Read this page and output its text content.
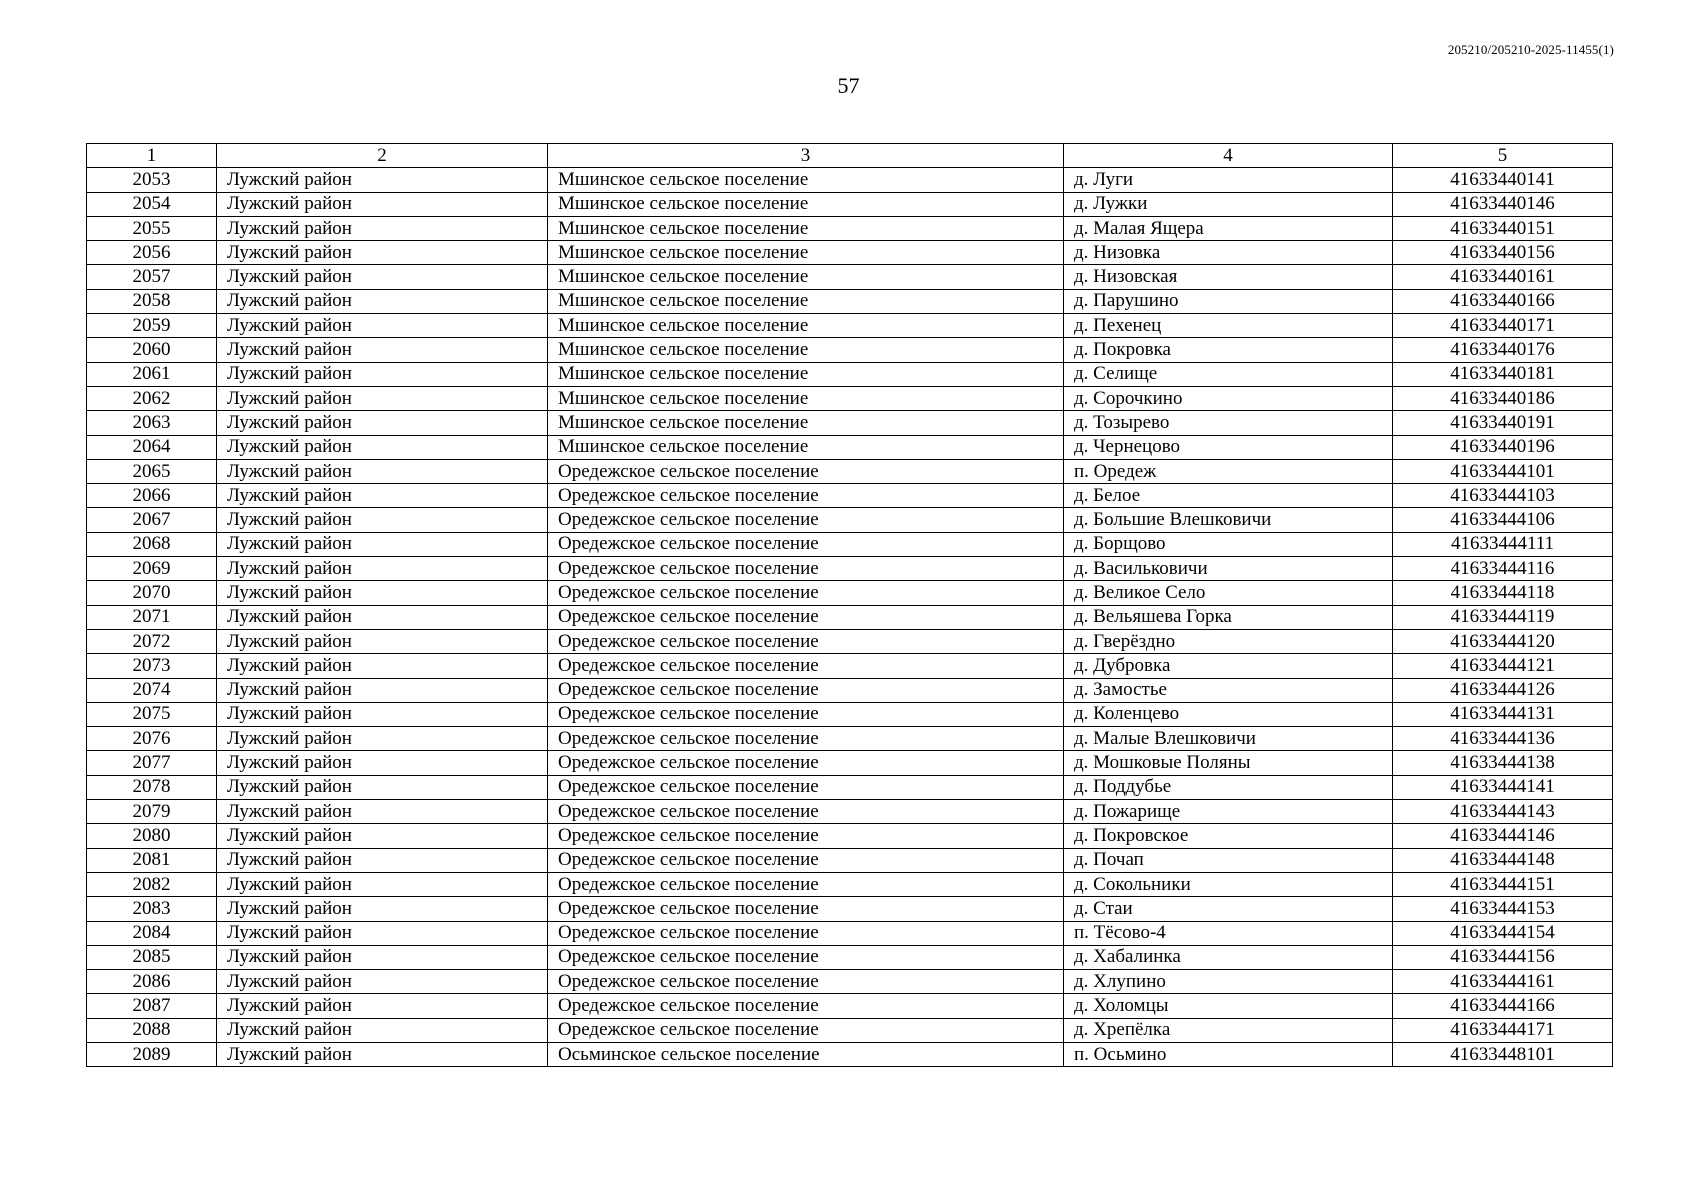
205210/205210-2025-11455(1)
57
1	2	3	4	5
2053	Лужский район	Мшинское сельское поселение	д. Луги	41633440141
2054	Лужский район	Мшинское сельское поселение	д. Лужки	41633440146
2055	Лужский район	Мшинское сельское поселение	д. Малая Ящера	41633440151
2056	Лужский район	Мшинское сельское поселение	д. Низовка	41633440156
2057	Лужский район	Мшинское сельское поселение	д. Низовская	41633440161
2058	Лужский район	Мшинское сельское поселение	д. Парушино	41633440166
2059	Лужский район	Мшинское сельское поселение	д. Пехенец	41633440171
2060	Лужский район	Мшинское сельское поселение	д. Покровка	41633440176
2061	Лужский район	Мшинское сельское поселение	д. Селище	41633440181
2062	Лужский район	Мшинское сельское поселение	д. Сорочкино	41633440186
2063	Лужский район	Мшинское сельское поселение	д. Тозырево	41633440191
2064	Лужский район	Мшинское сельское поселение	д. Чернецово	41633440196
2065	Лужский район	Оредежское сельское поселение	п. Оредеж	41633444101
2066	Лужский район	Оредежское сельское поселение	д. Белое	41633444103
2067	Лужский район	Оредежское сельское поселение	д. Большие Влешковичи	41633444106
2068	Лужский район	Оредежское сельское поселение	д. Борщово	41633444111
2069	Лужский район	Оредежское сельское поселение	д. Васильковичи	41633444116
2070	Лужский район	Оредежское сельское поселение	д. Великое Село	41633444118
2071	Лужский район	Оредежское сельское поселение	д. Вельяшева Горка	41633444119
2072	Лужский район	Оредежское сельское поселение	д. Гверёздно	41633444120
2073	Лужский район	Оредежское сельское поселение	д. Дубровка	41633444121
2074	Лужский район	Оредежское сельское поселение	д. Замостье	41633444126
2075	Лужский район	Оредежское сельское поселение	д. Коленцево	41633444131
2076	Лужский район	Оредежское сельское поселение	д. Малые Влешковичи	41633444136
2077	Лужский район	Оредежское сельское поселение	д. Мошковые Поляны	41633444138
2078	Лужский район	Оредежское сельское поселение	д. Поддубье	41633444141
2079	Лужский район	Оредежское сельское поселение	д. Пожарище	41633444143
2080	Лужский район	Оредежское сельское поселение	д. Покровское	41633444146
2081	Лужский район	Оредежское сельское поселение	д. Почап	41633444148
2082	Лужский район	Оредежское сельское поселение	д. Сокольники	41633444151
2083	Лужский район	Оредежское сельское поселение	д. Стаи	41633444153
2084	Лужский район	Оредежское сельское поселение	п. Тёсово-4	41633444154
2085	Лужский район	Оредежское сельское поселение	д. Хабалинка	41633444156
2086	Лужский район	Оредежское сельское поселение	д. Хлупино	41633444161
2087	Лужский район	Оредежское сельское поселение	д. Холомцы	41633444166
2088	Лужский район	Оредежское сельское поселение	д. Хрепёлка	41633444171
2089	Лужский район	Осьминское сельское поселение	п. Осьмино	41633448101
